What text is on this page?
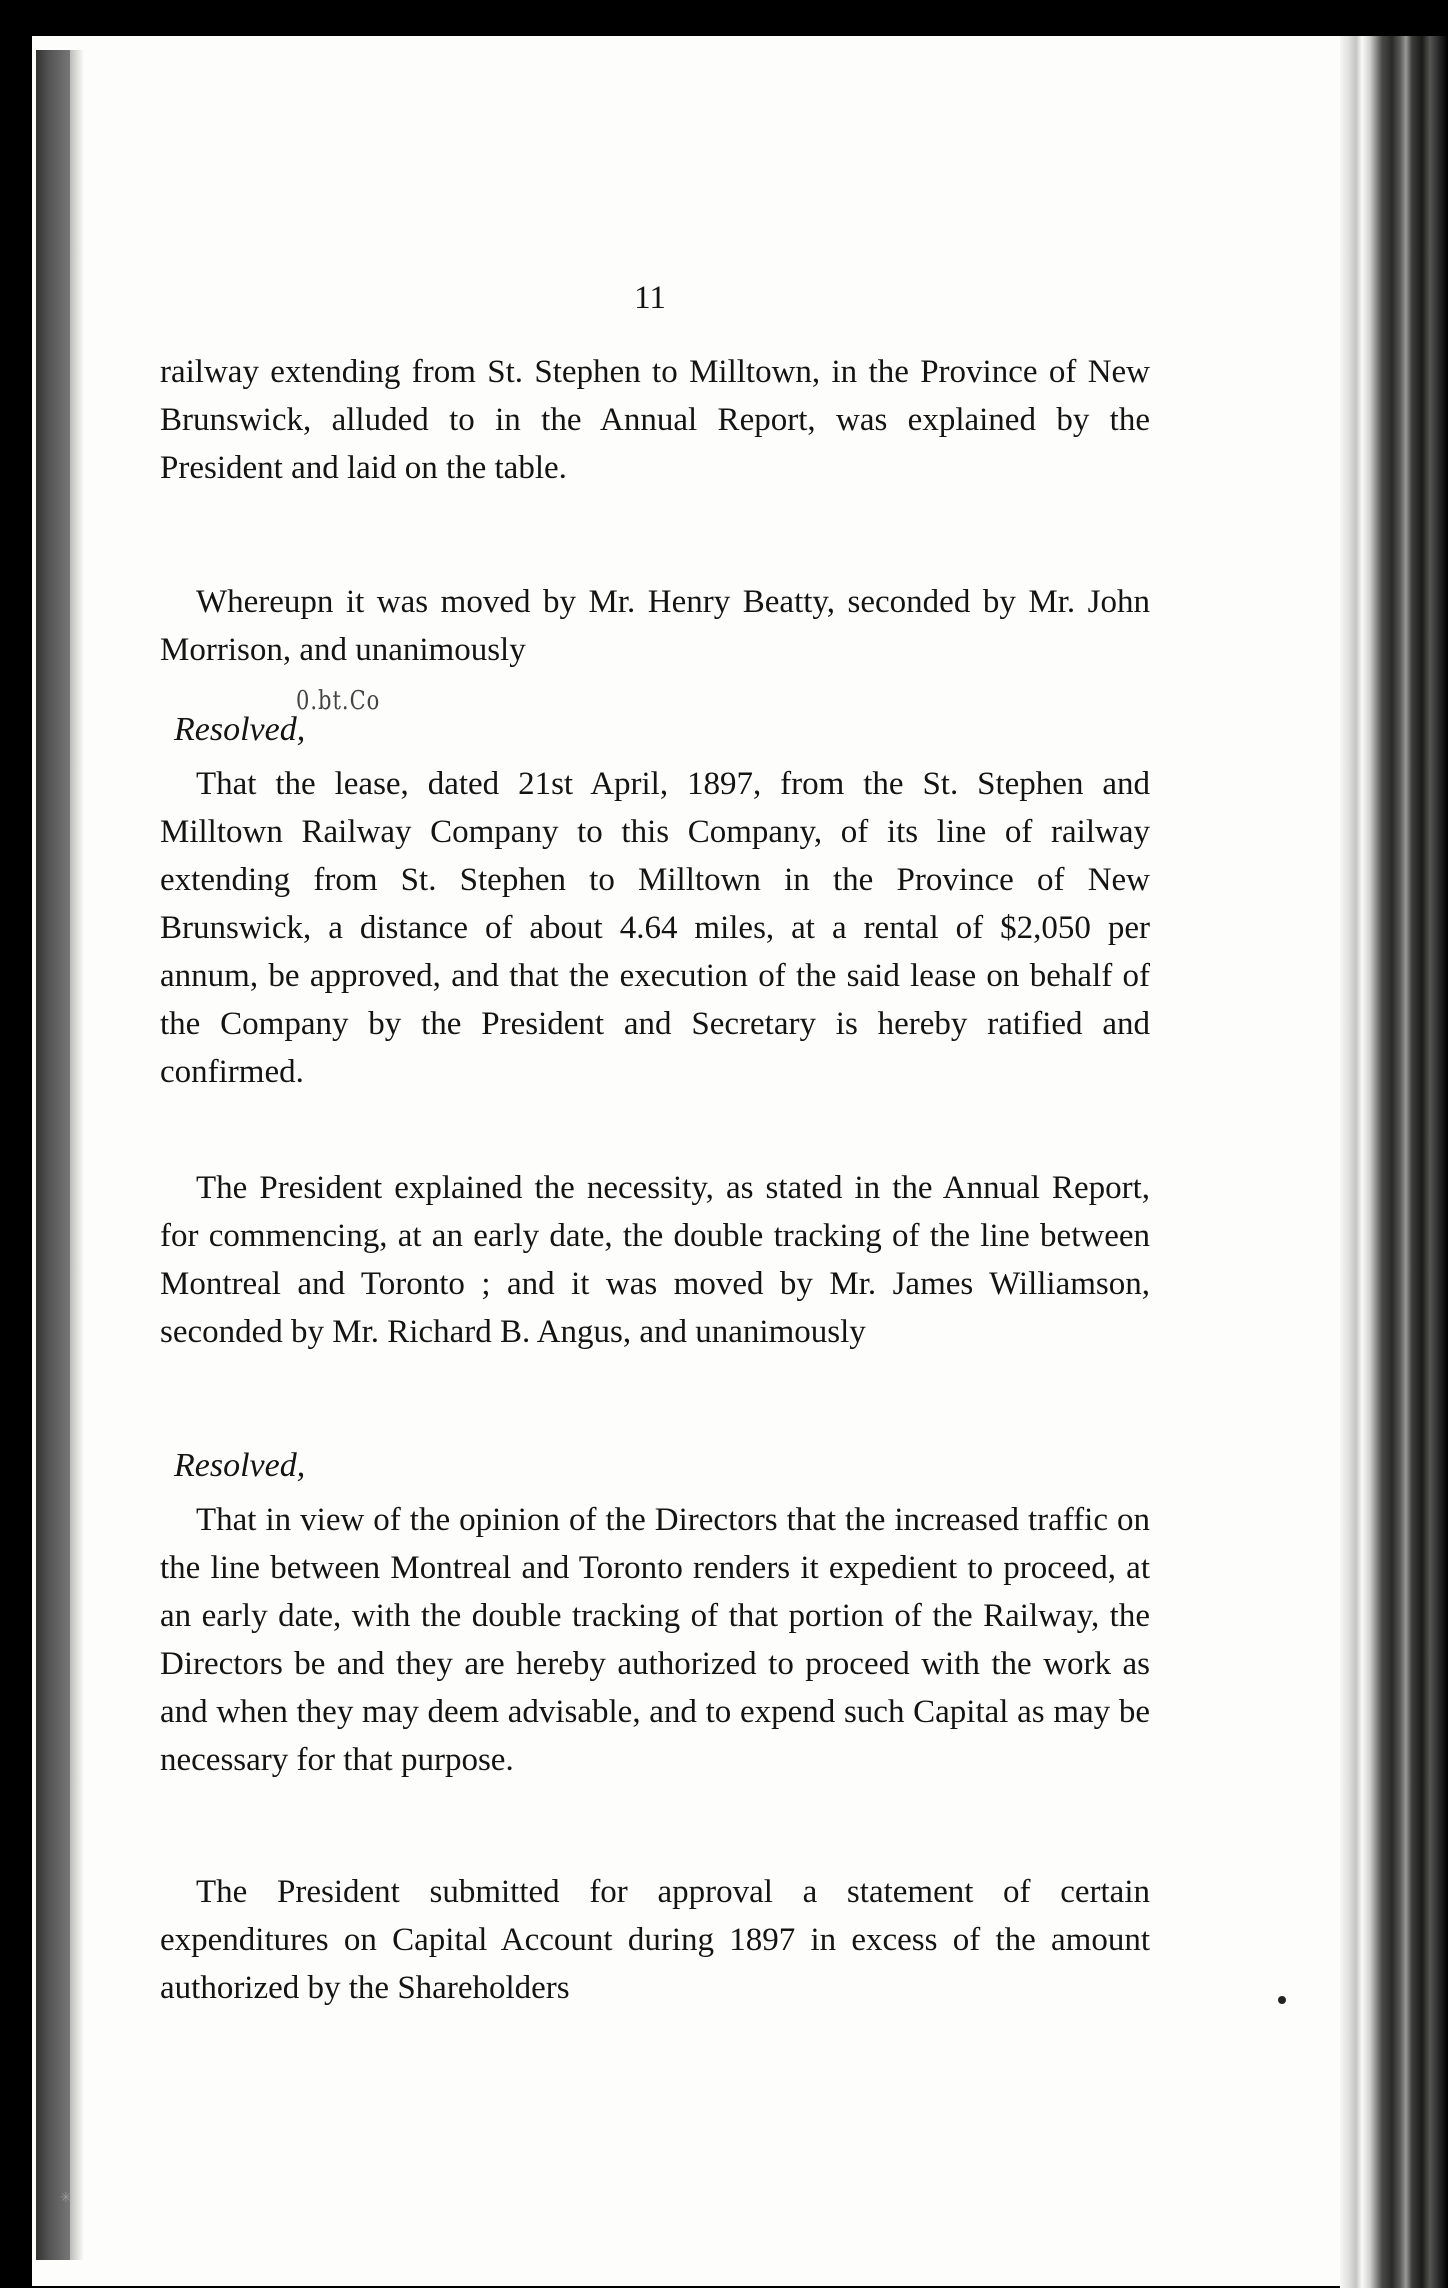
11

railway extending from St. Stephen to Milltown, in the Province of New Brunswick, alluded to in the Annual Report, was explained by the President and laid on the table.

Whereupn it was moved by Mr. Henry Beatty, seconded by Mr. John Morrison, and unanimously

0.bt.Co

Resolved,

That the lease, dated 21st April, 1897, from the St. Stephen and Milltown Railway Company to this Company, of its line of railway extending from St. Stephen to Milltown in the Province of New Brunswick, a distance of about 4.64 miles, at a rental of $2,050 per annum, be approved, and that the execution of the said lease on behalf of the Company by the President and Secretary is hereby ratified and confirmed.

The President explained the necessity, as stated in the Annual Report, for commencing, at an early date, the double tracking of the line between Montreal and Toronto ; and it was moved by Mr. James Williamson, seconded by Mr. Richard B. Angus, and unanimously

Resolved,

That in view of the opinion of the Directors that the increased traffic on the line between Montreal and Toronto renders it expedient to proceed, at an early date, with the double tracking of that portion of the Railway, the Directors be and they are hereby authorized to proceed with the work as and when they may deem advisable, and to expend such Capital as may be necessary for that purpose.

The President submitted for approval a statement of certain expenditures on Capital Account during 1897 in excess of the amount authorized by the Shareholders

✳
